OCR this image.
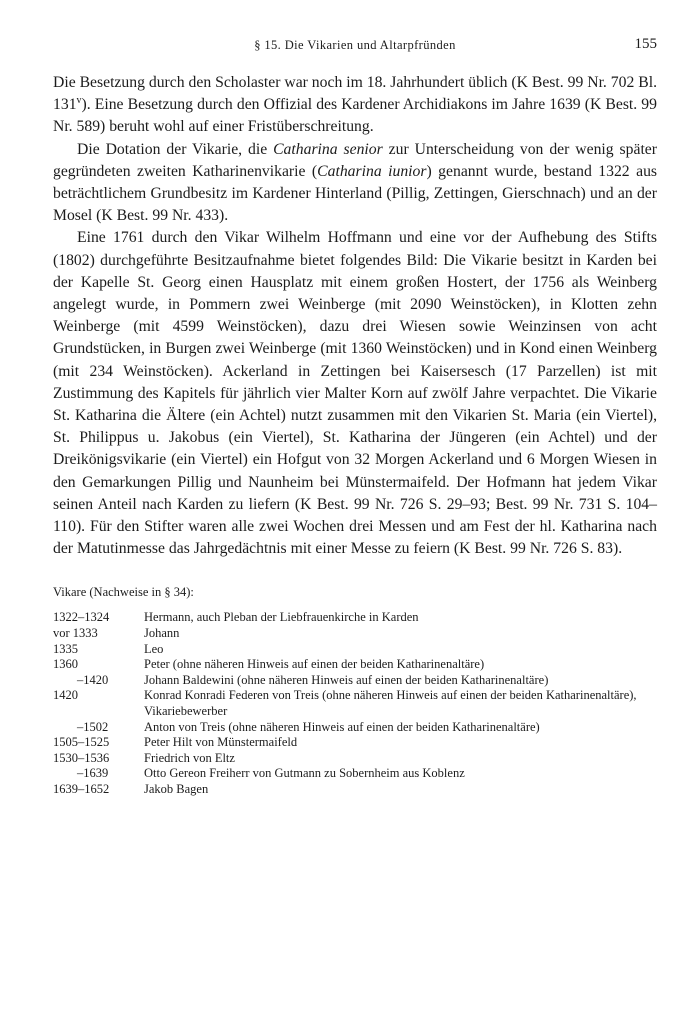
§ 15. Die Vikarien und Altarpfründen	155

Die Besetzung durch den Scholaster war noch im 18. Jahrhundert üblich (K Best. 99 Nr. 702 Bl. 131$^v$). Eine Besetzung durch den Offizial des Kardener Archidiakons im Jahre 1639 (K Best. 99 Nr. 589) beruht wohl auf einer Fristüberschreitung.

Die Dotation der Vikarie, die Catharina senior zur Unterscheidung von der wenig später gegründeten zweiten Katharinenvikarie (Catharina iunior) genannt wurde, bestand 1322 aus beträchtlichem Grundbesitz im Kardener Hinterland (Pillig, Zettingen, Gierschnach) und an der Mosel (K Best. 99 Nr. 433).

Eine 1761 durch den Vikar Wilhelm Hoffmann und eine vor der Aufhebung des Stifts (1802) durchgeführte Besitzaufnahme bietet folgendes Bild: Die Vikarie besitzt in Karden bei der Kapelle St. Georg einen Hausplatz mit einem großen Hostert, der 1756 als Weinberg angelegt wurde, in Pommern zwei Weinberge (mit 2090 Weinstöcken), in Klotten zehn Weinberge (mit 4599 Weinstöcken), dazu drei Wiesen sowie Weinzinsen von acht Grundstücken, in Burgen zwei Weinberge (mit 1360 Weinstöcken) und in Kond einen Weinberg (mit 234 Weinstöcken). Ackerland in Zettingen bei Kaisersesch (17 Parzellen) ist mit Zustimmung des Kapitels für jährlich vier Malter Korn auf zwölf Jahre verpachtet. Die Vikarie St. Katharina die Ältere (ein Achtel) nutzt zusammen mit den Vikarien St. Maria (ein Viertel), St. Philippus u. Jakobus (ein Viertel), St. Katharina der Jüngeren (ein Achtel) und der Dreikönigsvikarie (ein Viertel) ein Hofgut von 32 Morgen Ackerland und 6 Morgen Wiesen in den Gemarkungen Pillig und Naunheim bei Münstermaifeld. Der Hofmann hat jedem Vikar seinen Anteil nach Karden zu liefern (K Best. 99 Nr. 726 S. 29–93; Best. 99 Nr. 731 S. 104–110). Für den Stifter waren alle zwei Wochen drei Messen und am Fest der hl. Katharina nach der Matutinmesse das Jahrgedächtnis mit einer Messe zu feiern (K Best. 99 Nr. 726 S. 83).

Vikare (Nachweise in § 34):
1322–1324	Hermann, auch Pleban der Liebfrauenkirche in Karden
vor 1333	Johann
1335	Leo
1360	Peter (ohne näheren Hinweis auf einen der beiden Katharinenaltäre)
–1420	Johann Baldewini (ohne näheren Hinweis auf einen der beiden Katharinenaltäre)
1420	Konrad Konradi Federen von Treis (ohne näheren Hinweis auf einen der beiden Katharinenaltäre), Vikariebewerber
–1502	Anton von Treis (ohne näheren Hinweis auf einen der beiden Katharinenaltäre)
1505–1525	Peter Hilt von Münstermaifeld
1530–1536	Friedrich von Eltz
–1639	Otto Gereon Freiherr von Gutmann zu Sobernheim aus Koblenz
1639–1652	Jakob Bagen
